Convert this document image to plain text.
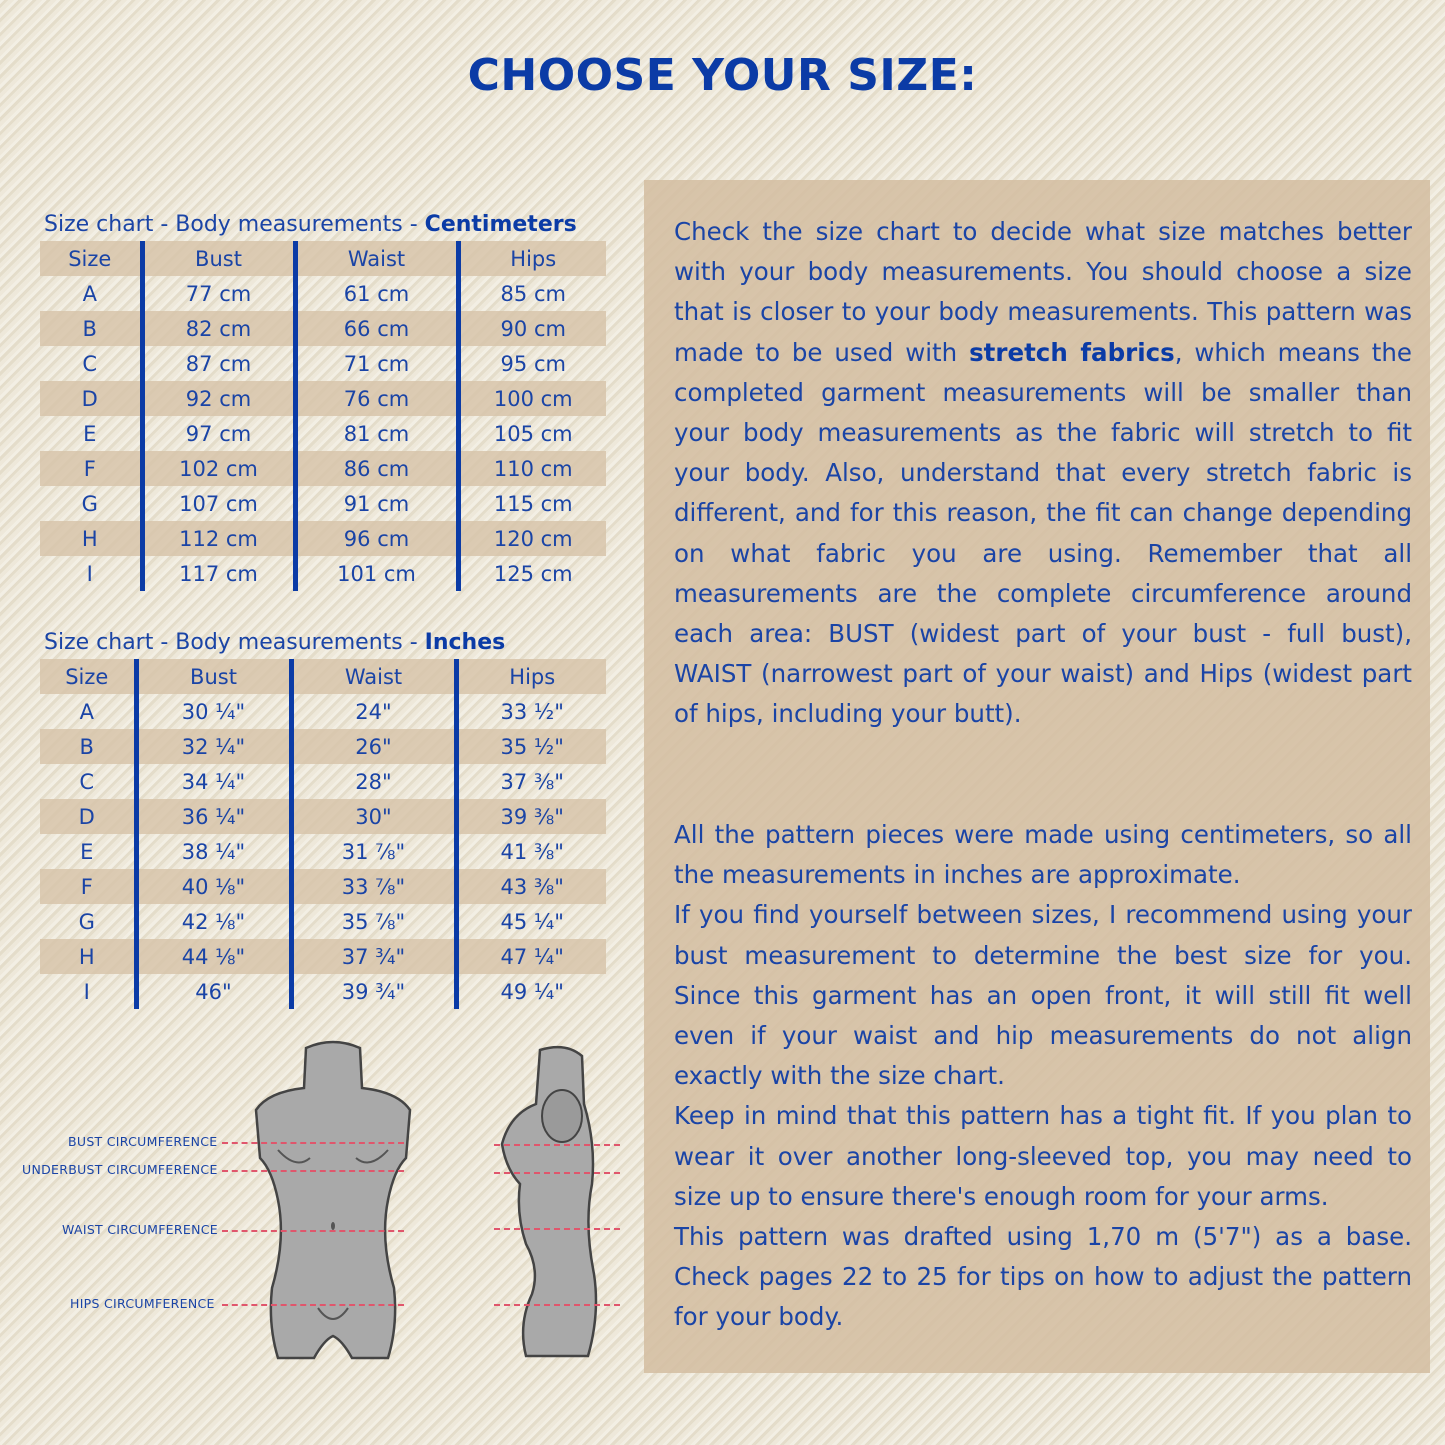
CHOOSE YOUR SIZE:
Size chart - Body measurements - Centimeters
Size	Bust	Waist	Hips
A	77 cm	61 cm	85 cm
B	82 cm	66 cm	90 cm
C	87 cm	71 cm	95 cm
D	92 cm	76 cm	100 cm
E	97 cm	81 cm	105 cm
F	102 cm	86 cm	110 cm
G	107 cm	91 cm	115 cm
H	112 cm	96 cm	120 cm
I	117 cm	101 cm	125 cm
Size chart - Body measurements - Inches
Size	Bust	Waist	Hips
A	30 ¼"	24"	33 ½"
B	32 ¼"	26"	35 ½"
C	34 ¼"	28"	37 ⅜"
D	36 ¼"	30"	39 ⅜"
E	38 ¼"	31 ⅞"	41 ⅜"
F	40 ⅛"	33 ⅞"	43 ⅜"
G	42 ⅛"	35 ⅞"	45 ¼"
H	44 ⅛"	37 ¾"	47 ¼"
I	46"	39 ¾"	49 ¼"
BUST CIRCUMFERENCE
UNDERBUST CIRCUMFERENCE
WAIST CIRCUMFERENCE
HIPS CIRCUMFERENCE

Check the size chart to decide what size matches better with your body measurements. You should choose a size that is closer to your body measurements. This pattern was made to be used with stretch fabrics, which means the completed garment measurements will be smaller than your body measurements as the fabric will stretch to fit your body. Also, understand that every stretch fabric is different, and for this reason, the fit can change depending on what fabric you are using. Remember that all measurements are the complete circumference around each area: BUST (widest part of your bust - full bust), WAIST (narrowest part of your waist) and Hips (widest part of hips, including your butt).

All the pattern pieces were made using centimeters, so all the measurements in inches are approximate.
If you find yourself between sizes, I recommend using your bust measurement to determine the best size for you. Since this garment has an open front, it will still fit well even if your waist and hip measurements do not align exactly with the size chart.
Keep in mind that this pattern has a tight fit. If you plan to wear it over another long-sleeved top, you may need to size up to ensure there's enough room for your arms.
This pattern was drafted using 1,70 m (5'7") as a base. Check pages 22 to 25 for tips on how to adjust the pattern for your body.
